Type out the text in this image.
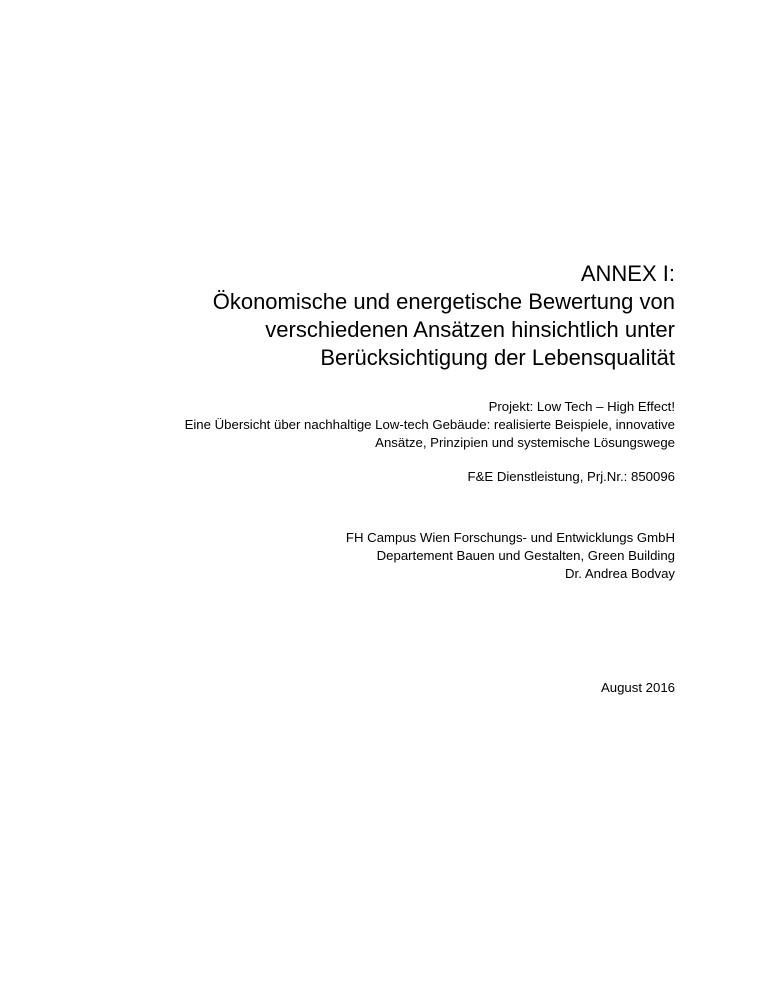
ANNEX I:
Ökonomische und energetische Bewertung von
verschiedenen Ansätzen hinsichtlich unter
Berücksichtigung der Lebensqualität
Projekt: Low Tech – High Effect!
Eine Übersicht über nachhaltige Low-tech Gebäude: realisierte Beispiele, innovative
Ansätze, Prinzipien und systemische Lösungswege
F&E Dienstleistung, Prj.Nr.: 850096
FH Campus Wien Forschungs- und Entwicklungs GmbH
Departement Bauen und Gestalten, Green Building
Dr. Andrea Bodvay
August 2016
